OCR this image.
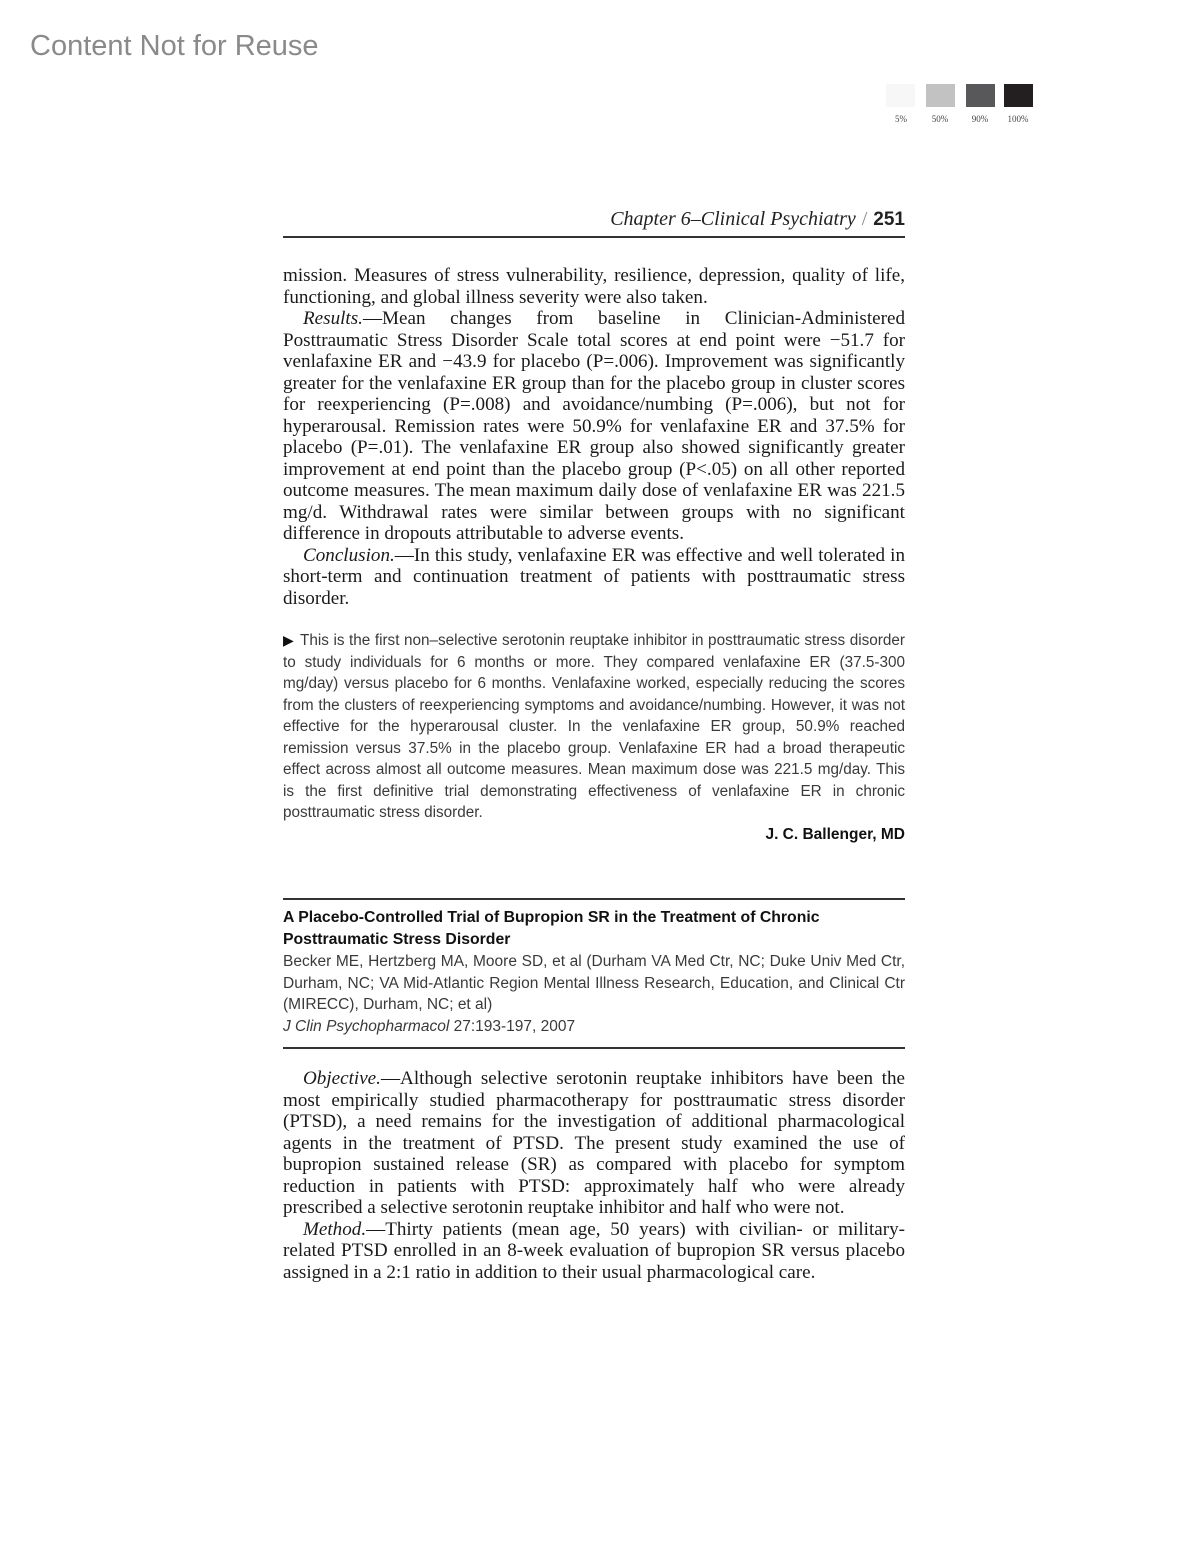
Content Not for Reuse
5%	50%	90%	100%
Chapter 6–Clinical Psychiatry / 251

mission. Measures of stress vulnerability, resilience, depression, quality of life, functioning, and global illness severity were also taken.

Results.—Mean changes from baseline in Clinician-Administered Posttraumatic Stress Disorder Scale total scores at end point were −51.7 for venlafaxine ER and −43.9 for placebo (P=.006). Improvement was significantly greater for the venlafaxine ER group than for the placebo group in cluster scores for reexperiencing (P=.008) and avoidance/numbing (P=.006), but not for hyperarousal. Remission rates were 50.9% for venlafaxine ER and 37.5% for placebo (P=.01). The venlafaxine ER group also showed significantly greater improvement at end point than the placebo group (P<.05) on all other reported outcome measures. The mean maximum daily dose of venlafaxine ER was 221.5 mg/d. Withdrawal rates were similar between groups with no significant difference in dropouts attributable to adverse events.

Conclusion.—In this study, venlafaxine ER was effective and well tolerated in short-term and continuation treatment of patients with posttraumatic stress disorder.

▶ This is the first non–selective serotonin reuptake inhibitor in posttraumatic stress disorder to study individuals for 6 months or more. They compared venlafaxine ER (37.5-300 mg/day) versus placebo for 6 months. Venlafaxine worked, especially reducing the scores from the clusters of reexperiencing symptoms and avoidance/numbing. However, it was not effective for the hyperarousal cluster. In the venlafaxine ER group, 50.9% reached remission versus 37.5% in the placebo group. Venlafaxine ER had a broad therapeutic effect across almost all outcome measures. Mean maximum dose was 221.5 mg/day. This is the first definitive trial demonstrating effectiveness of venlafaxine ER in chronic posttraumatic stress disorder.

J. C. Ballenger, MD

A Placebo-Controlled Trial of Bupropion SR in the Treatment of Chronic Posttraumatic Stress Disorder

Becker ME, Hertzberg MA, Moore SD, et al (Durham VA Med Ctr, NC; Duke Univ Med Ctr, Durham, NC; VA Mid-Atlantic Region Mental Illness Research, Education, and Clinical Ctr (MIRECC), Durham, NC; et al)

J Clin Psychopharmacol 27:193-197, 2007

Objective.—Although selective serotonin reuptake inhibitors have been the most empirically studied pharmacotherapy for posttraumatic stress disorder (PTSD), a need remains for the investigation of additional pharmacological agents in the treatment of PTSD. The present study examined the use of bupropion sustained release (SR) as compared with placebo for symptom reduction in patients with PTSD: approximately half who were already prescribed a selective serotonin reuptake inhibitor and half who were not.

Method.—Thirty patients (mean age, 50 years) with civilian- or military-related PTSD enrolled in an 8-week evaluation of bupropion SR versus placebo assigned in a 2:1 ratio in addition to their usual pharmacological care.
